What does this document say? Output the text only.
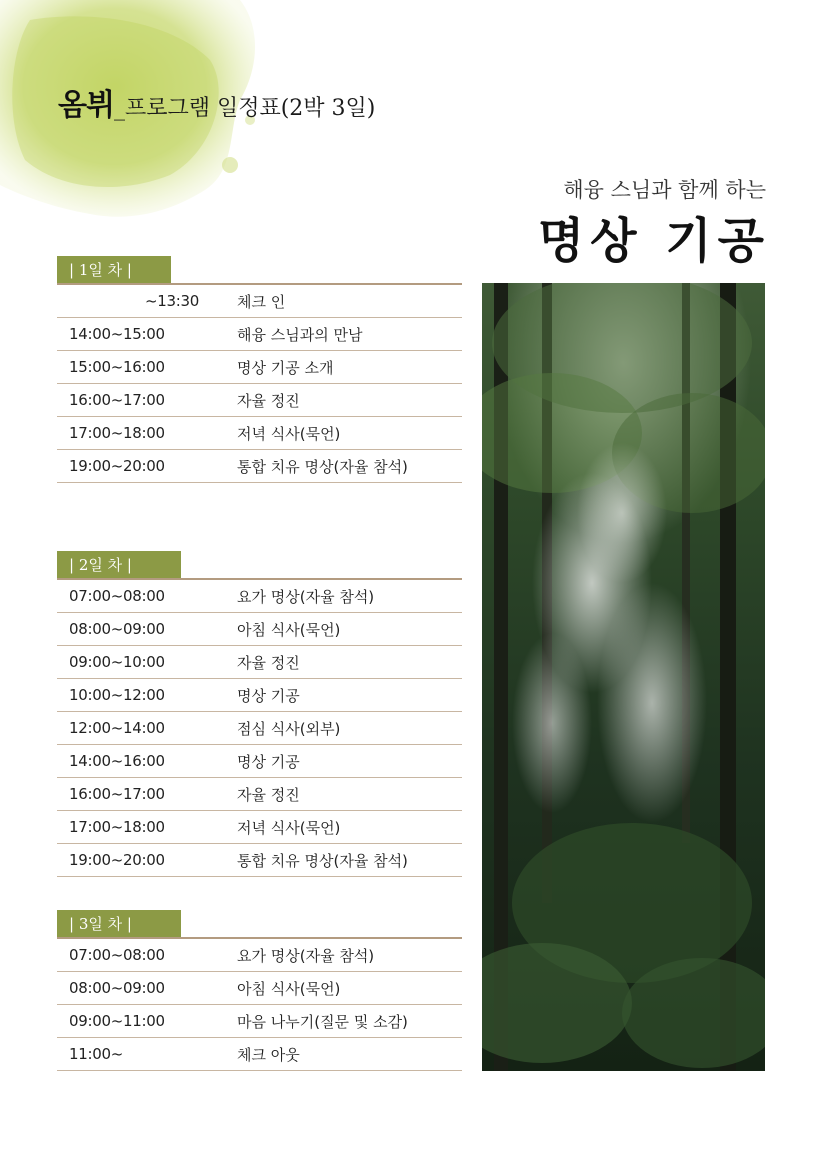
옴뷔 _프로그램 일정표(2박 3일)
해융 스님과 함께 하는
명상 기공
| 1일 차 |
~13:30	체크 인
14:00~15:00	해융 스님과의 만남
15:00~16:00	명상 기공 소개
16:00~17:00	자율 정진
17:00~18:00	저녁 식사(묵언)
19:00~20:00	통합 치유 명상(자율 참석)
| 2일 차 |
07:00~08:00	요가 명상(자율 참석)
08:00~09:00	아침 식사(묵언)
09:00~10:00	자율 정진
10:00~12:00	명상 기공
12:00~14:00	점심 식사(외부)
14:00~16:00	명상 기공
16:00~17:00	자율 정진
17:00~18:00	저녁 식사(묵언)
19:00~20:00	통합 치유 명상(자율 참석)
| 3일 차 |
07:00~08:00	요가 명상(자율 참석)
08:00~09:00	아침 식사(묵언)
09:00~11:00	마음 나누기(질문 및 소감)
11:00~	체크 아웃
